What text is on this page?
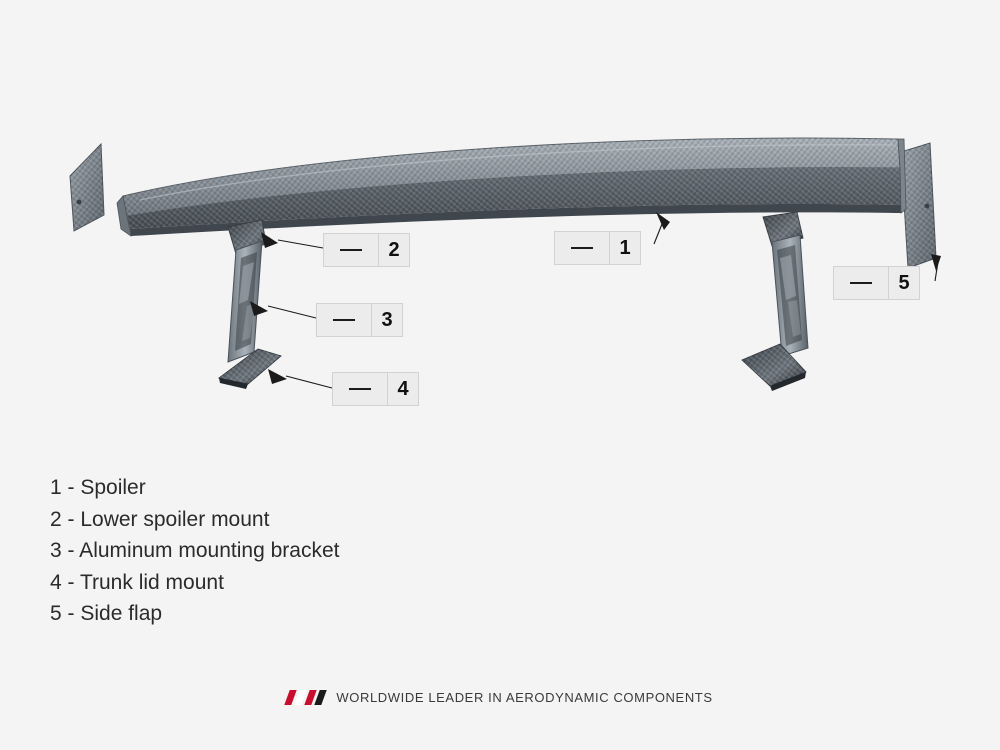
1
2
3
4
5
1 - Spoiler
2 - Lower spoiler mount
3 - Aluminum mounting bracket
4 - Trunk lid mount
5 - Side flap
WORLDWIDE LEADER IN AERODYNAMIC COMPONENTS
